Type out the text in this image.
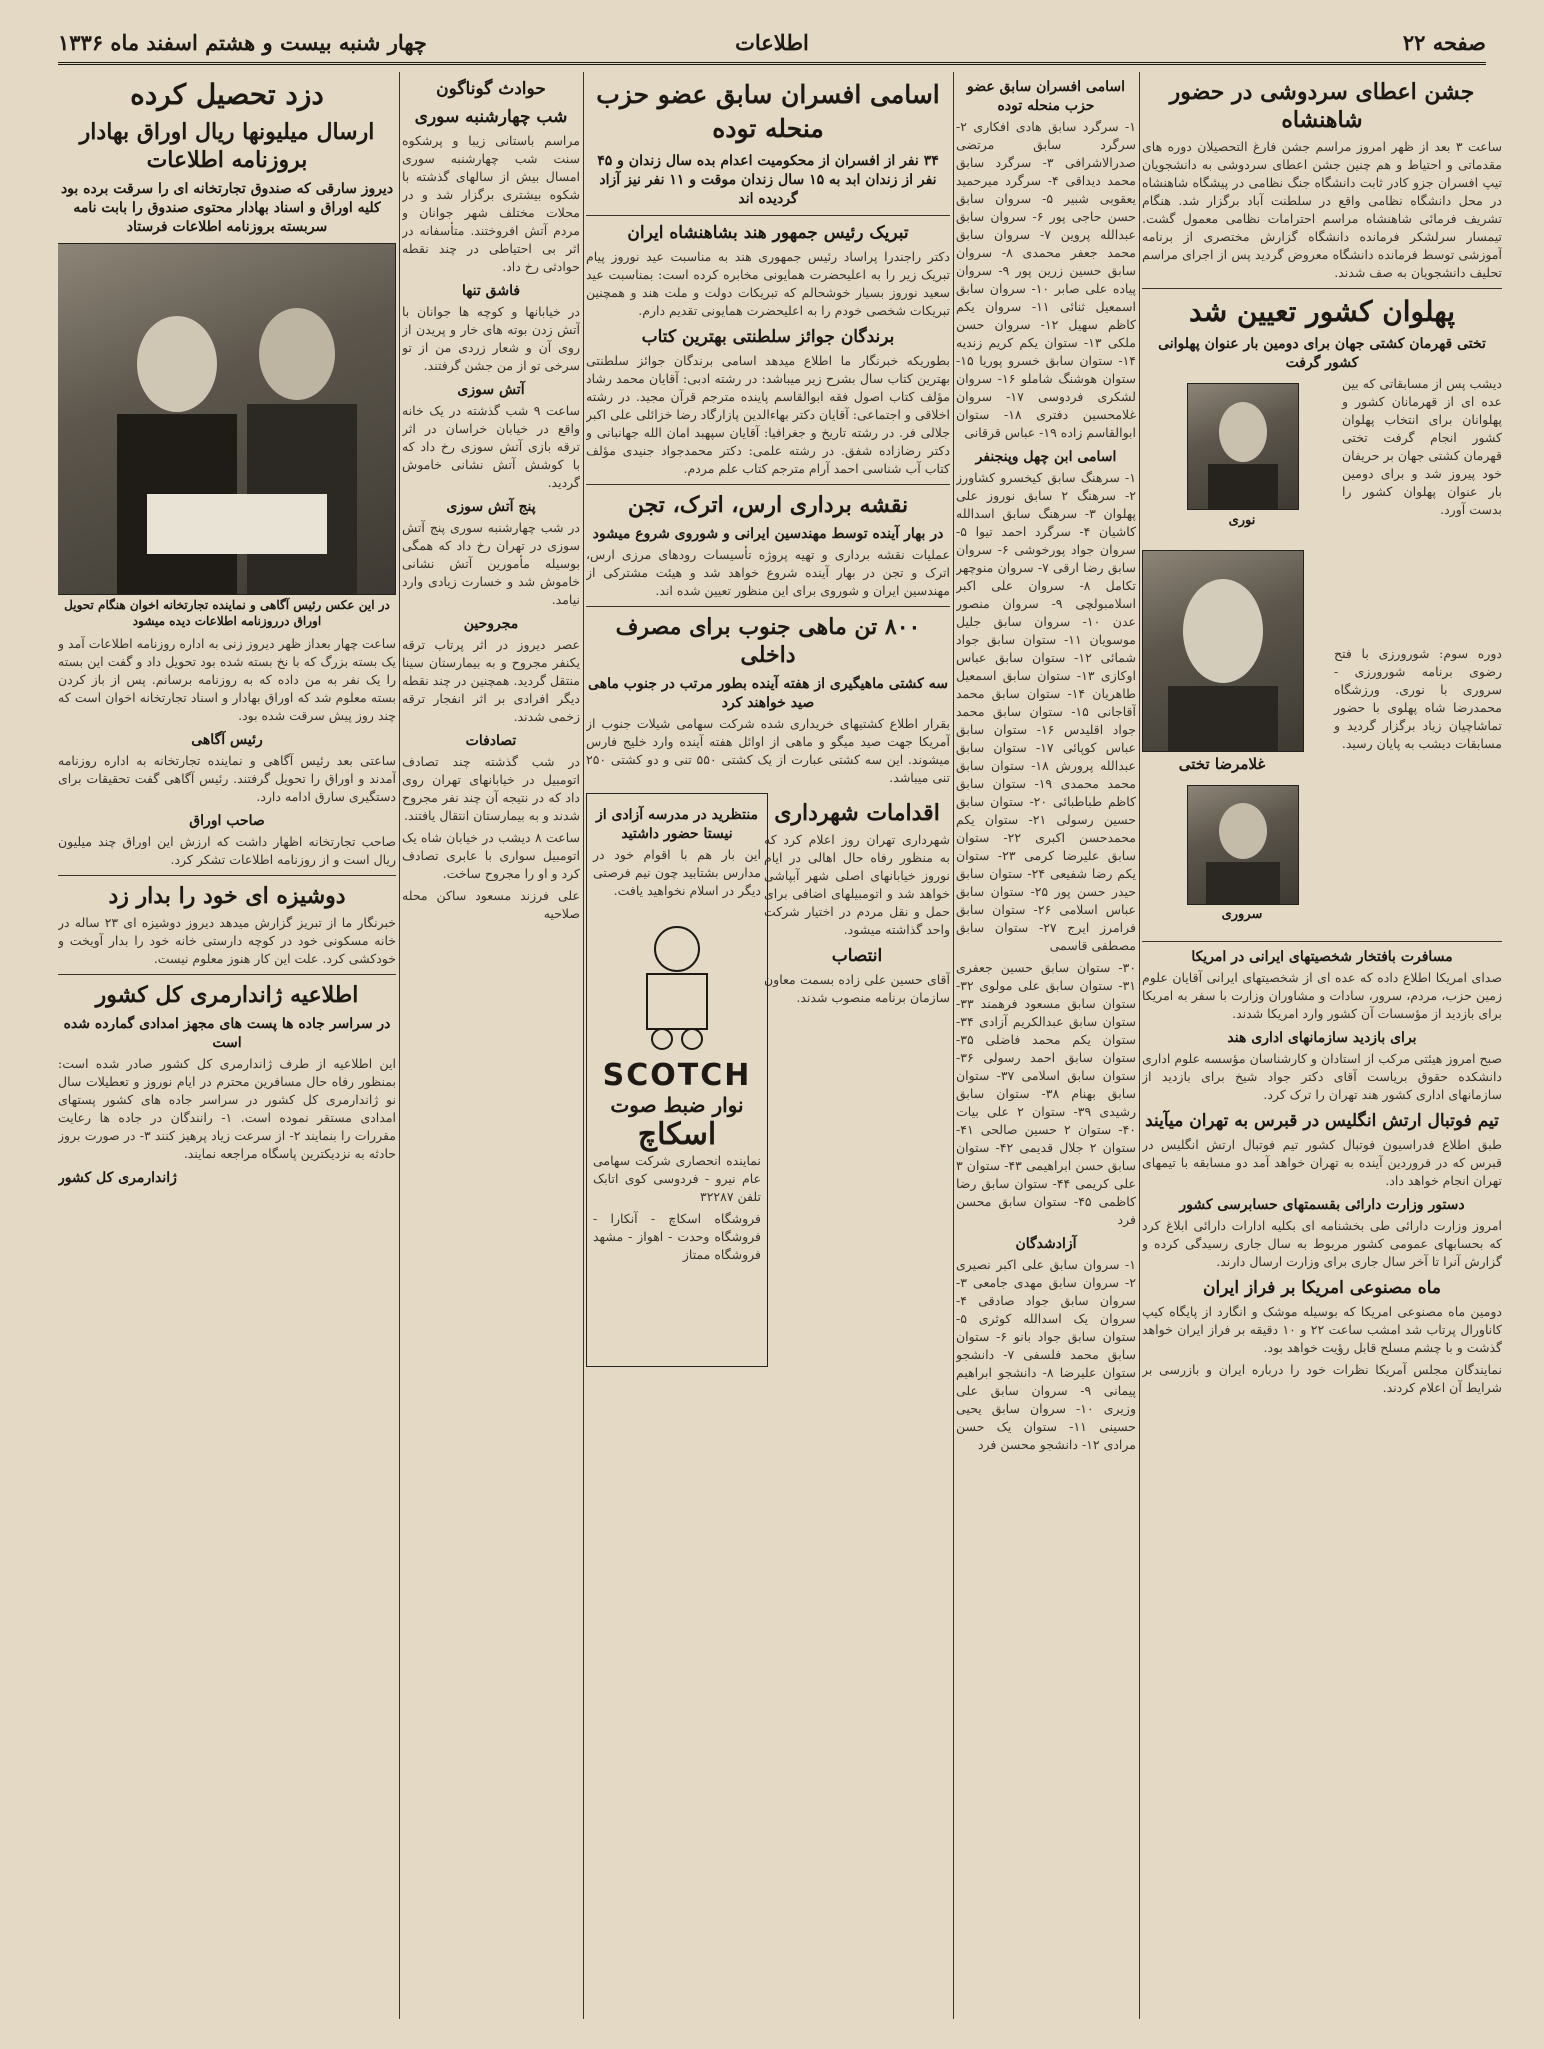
صفحه ۲۲
اطلاعات
چهار شنبه بیست و هشتم اسفند ماه ۱۳۳۶
جشن اعطای سردوشی در حضور شاهنشاه

ساعت ۳ بعد از ظهر امروز مراسم جشن فارغ التحصیلان دوره های مقدماتی و احتیاط و هم چنین جشن اعطای سردوشی به دانشجویان تیپ افسران جزو کادر ثابت دانشگاه جنگ نظامی در پیشگاه شاهنشاه در محل دانشگاه نظامی واقع در سلطنت آباد برگزار شد. هنگام تشریف فرمائی شاهنشاه مراسم احترامات نظامی معمول گشت. تیمسار سرلشکر فرمانده دانشگاه گزارش مختصری از برنامه آموزشی توسط فرمانده دانشگاه معروض گردید پس از اجرای مراسم تحلیف دانشجویان به صف شدند.

پهلوان کشور تعیین شد
تختی قهرمان کشتی جهان برای دومین بار عنوان پهلوانی کشور گرفت

دیشب پس از مسابقاتی که بین عده ای از قهرمانان کشور و پهلوانان برای انتخاب پهلوان کشور انجام گرفت تختی قهرمان کشتی جهان بر حریفان خود پیروز شد و برای دومین بار عنوان پهلوان کشور را بدست آورد.

نوری
غلامرضا تختی
سروری

دوره سوم: شورورزی با فتح رضوی برنامه شورورزی - سروری با نوری. ورزشگاه محمدرضا شاه پهلوی با حضور تماشاچیان زیاد برگزار گردید و مسابقات دیشب به پایان رسید.

مسافرت بافتخار شخصیتهای ایرانی در امریکا

صدای امریکا اطلاع داده که عده ای از شخصیتهای ایرانی آقایان علوم زمین حزب، مردم، سرور، سادات و مشاوران وزارت با سفر به امریکا برای بازدید از مؤسسات آن کشور وارد امریکا شدند.

برای بازدید سازمانهای اداری هند

صبح امروز هیئتی مرکب از استادان و کارشناسان مؤسسه علوم اداری دانشکده حقوق بریاست آقای دکتر جواد شیخ برای بازدید از سازمانهای اداری کشور هند تهران را ترک کرد.

تیم فوتبال ارتش انگلیس در قبرس به تهران میآیند

طبق اطلاع فدراسیون فوتبال کشور تیم فوتبال ارتش انگلیس در قبرس که در فروردین آینده به تهران خواهد آمد دو مسابقه با تیمهای تهران انجام خواهد داد.

دستور وزارت دارائی بقسمتهای حسابرسی کشور

امروز وزارت دارائی طی بخشنامه ای بکلیه ادارات دارائی ابلاغ کرد که بحسابهای عمومی کشور مربوط به سال جاری رسیدگی کرده و گزارش آنرا تا آخر سال جاری برای وزارت ارسال دارند.

ماه مصنوعی امریکا بر فراز ایران

دومین ماه مصنوعی امریکا که بوسیله موشک و انگارد از پایگاه کیپ کاناورال پرتاب شد امشب ساعت ۲۲ و ۱۰ دقیقه بر فراز ایران خواهد گذشت و با چشم مسلح قابل رؤیت خواهد بود.

نمایندگان مجلس آمریکا نظرات خود را درباره ایران و بازرسی بر شرایط آن اعلام کردند.

اسامی افسران سابق عضو حزب منحله توده

۱- سرگرد سابق هادی افکاری ۲- سرگرد سابق مرتضی صدرالاشرافی ۳- سرگرد سابق محمد دیداقی ۴- سرگرد میرحمید یعقوبی شبیر ۵- سروان سابق حسن حاجی پور ۶- سروان سابق عبدالله پروین ۷- سروان سابق محمد جعفر محمدی ۸- سروان سابق حسین زرین پور ۹- سروان پیاده علی صابر ۱۰- سروان سابق اسمعیل ثنائی ۱۱- سروان یکم کاظم سهیل ۱۲- سروان حسن ملکی ۱۳- ستوان یکم کریم زندیه ۱۴- ستوان سابق خسرو پوریا ۱۵- ستوان هوشنگ شاملو ۱۶- سروان لشکری فردوسی ۱۷- سروان غلامحسین دفتری ۱۸- ستوان ابوالقاسم زاده ۱۹- عباس قرقانی

اسامی ابن چهل وپنجنفر

۱- سرهنگ سابق کیخسرو کشاورز ۲- سرهنگ ۲ سابق نوروز علی پهلوان ۳- سرهنگ سابق اسدالله کاشیان ۴- سرگرد احمد تیوا ۵- سروان جواد پورخوشی ۶- سروان سابق رضا ارقی ۷- سروان منوچهر تکامل ۸- سروان علی اکبر اسلامبولچی ۹- سروان منصور عدن ۱۰- سروان سابق جلیل موسویان ۱۱- ستوان سابق جواد شمائی ۱۲- ستوان سابق عباس اوکازی ۱۳- ستوان سابق اسمعیل طاهریان ۱۴- ستوان سابق محمد آقاجانی ۱۵- ستوان سابق محمد جواد اقلیدس ۱۶- ستوان سابق عباس کوپائی ۱۷- ستوان سابق عبدالله پرورش ۱۸- ستوان سابق محمد محمدی ۱۹- ستوان سابق کاظم طباطبائی ۲۰- ستوان سابق حسین رسولی ۲۱- ستوان یکم محمدحسن اکبری ۲۲- ستوان سابق علیرضا کرمی ۲۳- ستوان یکم رضا شفیعی ۲۴- ستوان سابق حیدر حسن پور ۲۵- ستوان سابق عباس اسلامی ۲۶- ستوان سابق فرامرز ایرج ۲۷- ستوان سابق مصطفی قاسمی

۳۰- ستوان سابق حسین جعفری ۳۱- ستوان سابق علی مولوی ۳۲- ستوان سابق مسعود فرهمند ۳۳- ستوان سابق عبدالکریم آزادی ۳۴- ستوان یکم محمد فاضلی ۳۵- ستوان سابق احمد رسولی ۳۶- ستوان سابق اسلامی ۳۷- ستوان سابق بهنام ۳۸- ستوان سابق رشیدی ۳۹- ستوان ۲ علی بیات ۴۰- ستوان ۲ حسین صالحی ۴۱- ستوان ۲ جلال قدیمی ۴۲- ستوان سابق حسن ابراهیمی ۴۳- ستوان ۳ علی کریمی ۴۴- ستوان سابق رضا کاظمی ۴۵- ستوان سابق محسن فرد

آزادشدگان

۱- سروان سابق علی اکبر نصیری ۲- سروان سابق مهدی جامعی ۳- سروان سابق جواد صادقی ۴- سروان یک اسدالله کوثری ۵- ستوان سابق جواد بانو ۶- ستوان سابق محمد فلسفی ۷- دانشجو ستوان علیرضا ۸- دانشجو ابراهیم پیمانی ۹- سروان سابق علی وزیری ۱۰- سروان سابق یحیی حسینی ۱۱- ستوان یک حسن مرادی ۱۲- دانشجو محسن فرد

اسامی افسران سابق عضو حزب منحله توده
۳۴ نفر از افسران از محکومیت اعدام بده سال زندان و ۴۵ نفر از زندان ابد به ۱۵ سال زندان موقت و ۱۱ نفر نیز آزاد گردیده اند
تبریک رئیس جمهور هند بشاهنشاه ایران

دکتر راجندرا پراساد رئیس جمهوری هند به مناسبت عید نوروز پیام تبریک زیر را به اعلیحضرت همایونی مخابره کرده است: بمناسبت عید سعید نوروز بسیار خوشحالم که تبریکات دولت و ملت هند و همچنین تبریکات شخصی خودم را به اعلیحضرت همایونی تقدیم دارم.

برندگان جوائز سلطنتی بهترین کتاب

بطوریکه خبرنگار ما اطلاع میدهد اسامی برندگان جوائز سلطنتی بهترین کتاب سال بشرح زیر میباشد: در رشته ادبی: آقایان محمد رشاد مؤلف کتاب اصول فقه ابوالقاسم پاینده مترجم قرآن مجید. در رشته اخلاقی و اجتماعی: آقایان دکتر بهاءالدین پازارگاد رضا خزائلی علی اکبر جلالی فر. در رشته تاریخ و جغرافیا: آقایان سپهبد امان الله جهانبانی و دکتر رضازاده شفق. در رشته علمی: دکتر محمدجواد جنیدی مؤلف کتاب آب شناسی احمد آرام مترجم کتاب علم مردم.

نقشه برداری ارس، اترک، تجن
در بهار آینده توسط مهندسین ایرانی و شوروی شروع میشود

عملیات نقشه برداری و تهیه پروژه تأسیسات رودهای مرزی ارس، اترک و تجن در بهار آینده شروع خواهد شد و هیئت مشترکی از مهندسین ایران و شوروی برای این منظور تعیین شده اند.

۸۰۰ تن ماهی جنوب برای مصرف داخلی
سه کشتی ماهیگیری از هفته آینده بطور مرتب در جنوب ماهی صید خواهند کرد

بقرار اطلاع کشتیهای خریداری شده شرکت سهامی شیلات جنوب از آمریکا جهت صید میگو و ماهی از اوائل هفته آینده وارد خلیج فارس میشوند. این سه کشتی عبارت از یک کشتی ۵۵۰ تنی و دو کشتی ۲۵۰ تنی میباشد.

منتظرید در مدرسه آزادی از نیستا حضور داشتید

این بار هم با اقوام خود در مدارس بشتابید چون نیم فرصتی دیگر در اسلام نخواهید یافت.

SCOTCH
نوار ضبط صوت
اسکاچ

نماینده انحصاری شرکت سهامی عام نیرو - فردوسی کوی اتابک تلفن ۳۲۲۸۷

فروشگاه اسکاچ - آنکارا - فروشگاه وحدت - اهواز - مشهد فروشگاه ممتاز

اقدامات شهرداری

شهرداری تهران روز اعلام کرد که به منظور رفاه حال اهالی در ایام نوروز خیابانهای اصلی شهر آبپاشی خواهد شد و اتومبیلهای اضافی برای حمل و نقل مردم در اختیار شرکت واحد گذاشته میشود.

انتصاب

آقای حسین علی زاده بسمت معاون سازمان برنامه منصوب شدند.

حوادث گوناگون
شب چهارشنبه سوری

مراسم باستانی زیبا و پرشکوه سنت شب چهارشنبه سوری امسال بیش از سالهای گذشته با شکوه بیشتری برگزار شد و در محلات مختلف شهر جوانان و مردم آتش افروختند. متأسفانه در اثر بی احتیاطی در چند نقطه حوادثی رخ داد.

فاشق تنها

در خیابانها و کوچه ها جوانان با آتش زدن بوته های خار و پریدن از روی آن و شعار زردی من از تو سرخی تو از من جشن گرفتند.

آتش سوزی

ساعت ۹ شب گذشته در یک خانه واقع در خیابان خراسان در اثر ترقه بازی آتش سوزی رخ داد که با کوشش آتش نشانی خاموش گردید.

پنج آتش سوزی

در شب چهارشنبه سوری پنج آتش سوزی در تهران رخ داد که همگی بوسیله مأمورین آتش نشانی خاموش شد و خسارت زیادی وارد نیامد.

مجروحین

عصر دیروز در اثر پرتاب ترقه یکنفر مجروح و به بیمارستان سینا منتقل گردید. همچنین در چند نقطه دیگر افرادی بر اثر انفجار ترقه زخمی شدند.

تصادفات

در شب گذشته چند تصادف اتومبیل در خیابانهای تهران روی داد که در نتیجه آن چند نفر مجروح شدند و به بیمارستان انتقال یافتند.

ساعت ۸ دیشب در خیابان شاه یک اتومبیل سواری با عابری تصادف کرد و او را مجروح ساخت.

علی فرزند مسعود ساکن محله صلاحیه

دزد تحصیل کرده
ارسال میلیونها ریال اوراق بهادار بروزنامه اطلاعات
دیروز سارقی که صندوق تجارتخانه ای را سرقت برده بود کلیه اوراق و اسناد بهادار محتوی صندوق را بابت نامه سربسته بروزنامه اطلاعات فرستاد
در این عکس رئیس آگاهی و نماینده تجارتخانه اخوان هنگام تحویل اوراق درروزنامه اطلاعات دیده میشود

ساعت چهار بعداز ظهر دیروز زنی به اداره روزنامه اطلاعات آمد و یک بسته بزرگ که با نخ بسته شده بود تحویل داد و گفت این بسته را یک نفر به من داده که به روزنامه برسانم. پس از باز کردن بسته معلوم شد که اوراق بهادار و اسناد تجارتخانه اخوان است که چند روز پیش سرقت شده بود.

رئیس آگاهی

ساعتی بعد رئیس آگاهی و نماینده تجارتخانه به اداره روزنامه آمدند و اوراق را تحویل گرفتند. رئیس آگاهی گفت تحقیقات برای دستگیری سارق ادامه دارد.

صاحب اوراق

صاحب تجارتخانه اظهار داشت که ارزش این اوراق چند میلیون ریال است و از روزنامه اطلاعات تشکر کرد.

دوشیزه ای خود را بدار زد

خبرنگار ما از تبریز گزارش میدهد دیروز دوشیزه ای ۲۳ ساله در خانه مسکونی خود در کوچه دارستی خانه خود را بدار آویخت و خودکشی کرد. علت این کار هنوز معلوم نیست.

اطلاعیه ژاندارمری کل کشور
در سراسر جاده ها پست های مجهز امدادی گمارده شده است

این اطلاعیه از طرف ژاندارمری کل کشور صادر شده است: بمنظور رفاه حال مسافرین محترم در ایام نوروز و تعطیلات سال نو ژاندارمری کل کشور در سراسر جاده های کشور پستهای امدادی مستقر نموده است. ۱- رانندگان در جاده ها رعایت مقررات را بنمایند ۲- از سرعت زیاد پرهیز کنند ۳- در صورت بروز حادثه به نزدیکترین پاسگاه مراجعه نمایند.

ژاندارمری کل کشور
